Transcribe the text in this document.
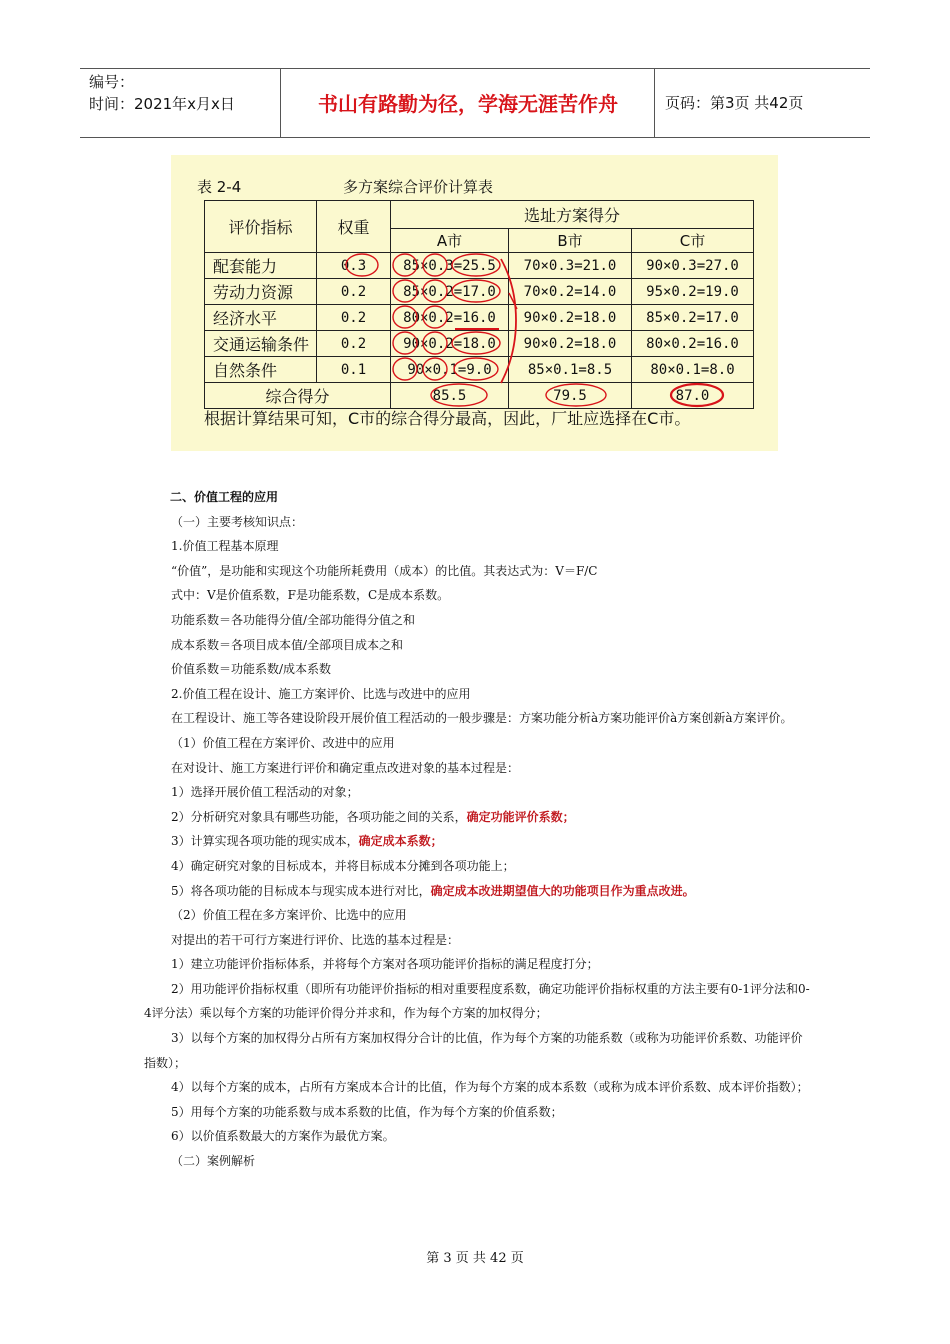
编号：
时间：2021年x月x日	书山有路勤为径，学海无涯苦作舟	页码：第3页 共42页
表 2-4	多方案综合评价计算表
评价指标	权重	选址方案得分		
		A市	B市	C市
配套能力	0.3	85×0.3=25.5	70×0.3=21.0	90×0.3=27.0
劳动力资源	0.2	85×0.2=17.0	70×0.2=14.0	95×0.2=19.0
经济水平	0.2	80×0.2=16.0	90×0.2=18.0	85×0.2=17.0
交通运输条件	0.2	90×0.2=18.0	90×0.2=18.0	80×0.2=16.0
自然条件	0.1	90×0.1=9.0	85×0.1=8.5	80×0.1=8.0
综合得分		85.5	79.5	87.0
根据计算结果可知，C市的综合得分最高，因此，厂址应选择在C市。

二、价值工程的应用

（一）主要考核知识点：

1.价值工程基本原理

“价值”，是功能和实现这个功能所耗费用（成本）的比值。其表达式为：V＝F/C

式中：V是价值系数，F是功能系数，C是成本系数。

功能系数＝各功能得分值/全部功能得分值之和

成本系数＝各项目成本值/全部项目成本之和

价值系数＝功能系数/成本系数

2.价值工程在设计、施工方案评价、比选与改进中的应用

在工程设计、施工等各建设阶段开展价值工程活动的一般步骤是：方案功能分析à方案功能评价à方案创新à方案评价。

（1）价值工程在方案评价、改进中的应用

在对设计、施工方案进行评价和确定重点改进对象的基本过程是：

1）选择开展价值工程活动的对象；

2）分析研究对象具有哪些功能，各项功能之间的关系，确定功能评价系数；

3）计算实现各项功能的现实成本，确定成本系数；

4）确定研究对象的目标成本，并将目标成本分摊到各项功能上；

5）将各项功能的目标成本与现实成本进行对比，确定成本改进期望值大的功能项目作为重点改进。

（2）价值工程在多方案评价、比选中的应用

对提出的若干可行方案进行评价、比选的基本过程是：

1）建立功能评价指标体系，并将每个方案对各项功能评价指标的满足程度打分；

2）用功能评价指标权重（即所有功能评价指标的相对重要程度系数，确定功能评价指标权重的方法主要有0-1评分法和0-4评分法）乘以每个方案的功能评价得分并求和，作为每个方案的加权得分；

3）以每个方案的加权得分占所有方案加权得分合计的比值，作为每个方案的功能系数（或称为功能评价系数、功能评价指数）；

4）以每个方案的成本，占所有方案成本合计的比值，作为每个方案的成本系数（或称为成本评价系数、成本评价指数）；

5）用每个方案的功能系数与成本系数的比值，作为每个方案的价值系数；

6）以价值系数最大的方案作为最优方案。

（二）案例解析

第 3 页 共 42 页
